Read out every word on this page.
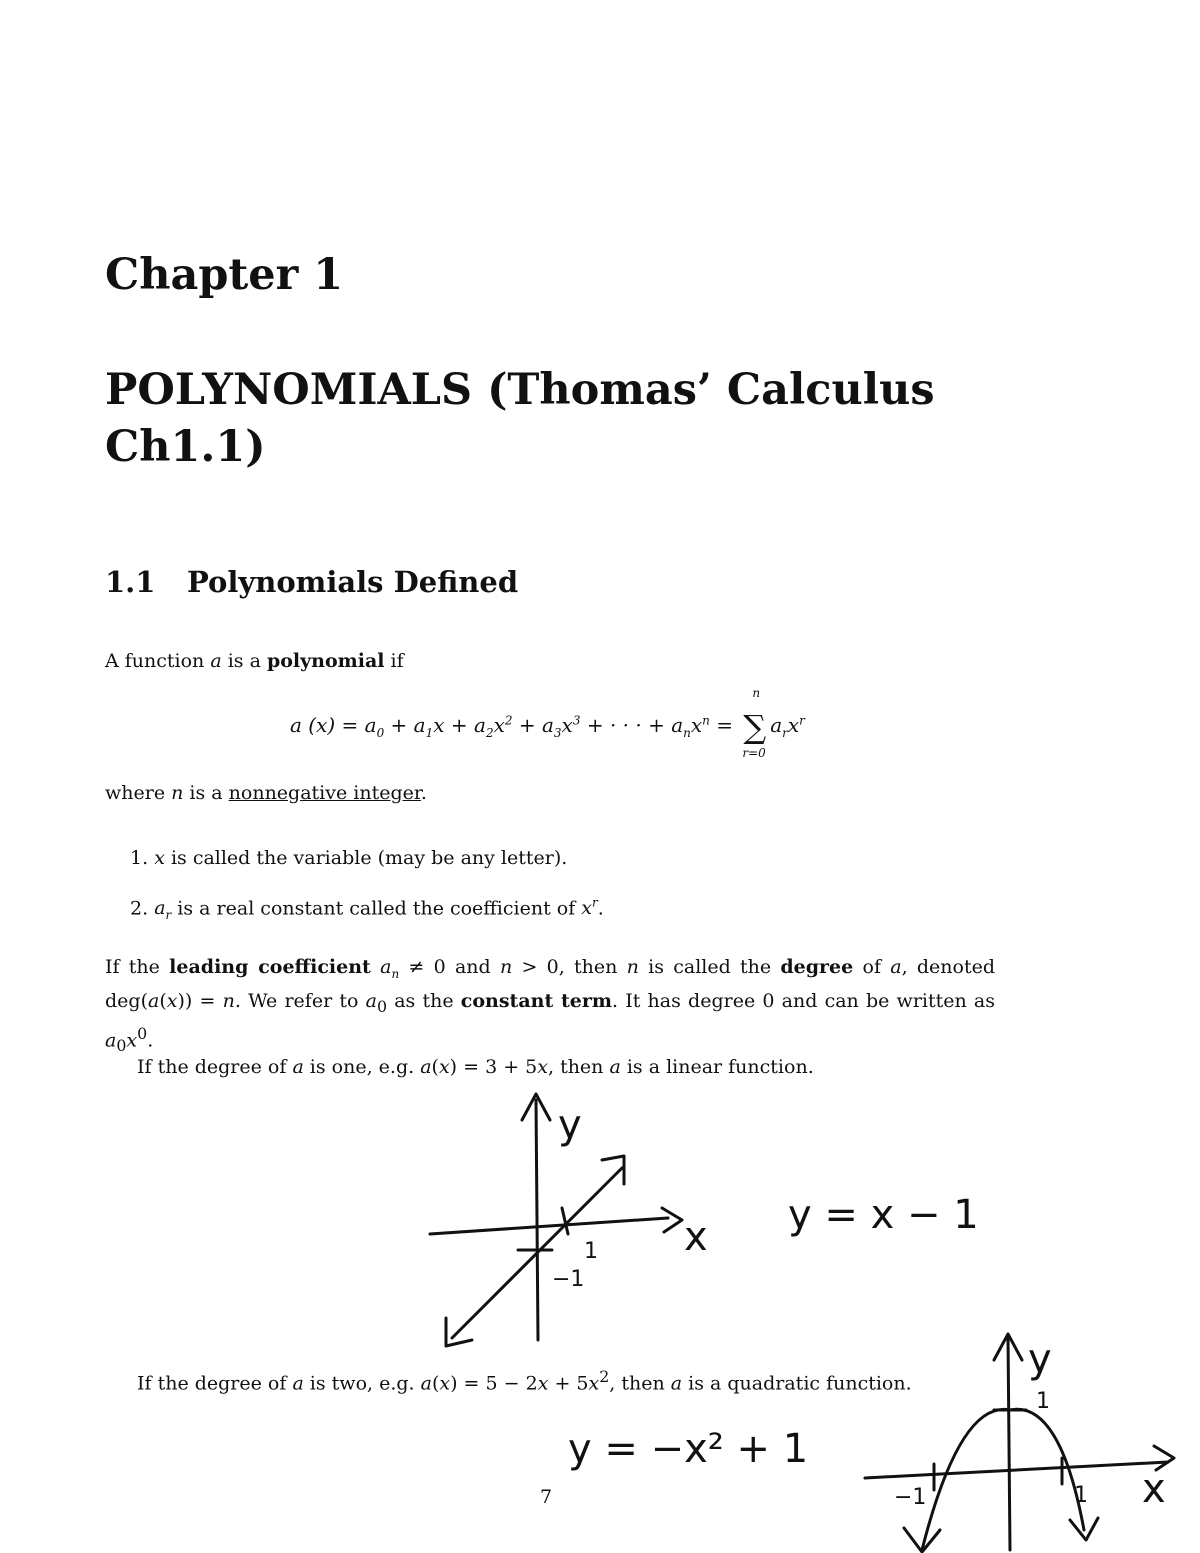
Chapter 1
POLYNOMIALS (Thomas’ Calculus Ch1.1)
1.1 Polynomials Defined
A function a is a polynomial if
a $(x) = a_0 + a_1x + a_2x^2 + a_3x^3$ + · · · + $a_nx^n$ = ∑
n
r=0
$a_rx^r$
where n is a nonnegative integer.
1. x is called the variable (may be any letter).
2. $a_r$ is a real constant called the coefficient of $x^r$.
If the leading coefficient $a_n \ne 0$ and n > 0, then n is called the degree of a, denoted deg(a(x)) = n. We refer to $a_0$ as the constant term. It has degree 0 and can be written as $a_0x^0$.
If the degree of a is one, e.g. a(x) = 3 + 5x, then a is a linear function.
If the degree of a is two, e.g. $a(x) = 5 - 2x + 5x^2$, then a is a quadratic function.
7
y
x y = x − 1
1
−1
y
x
y = −x² + 1
1
−1	1
